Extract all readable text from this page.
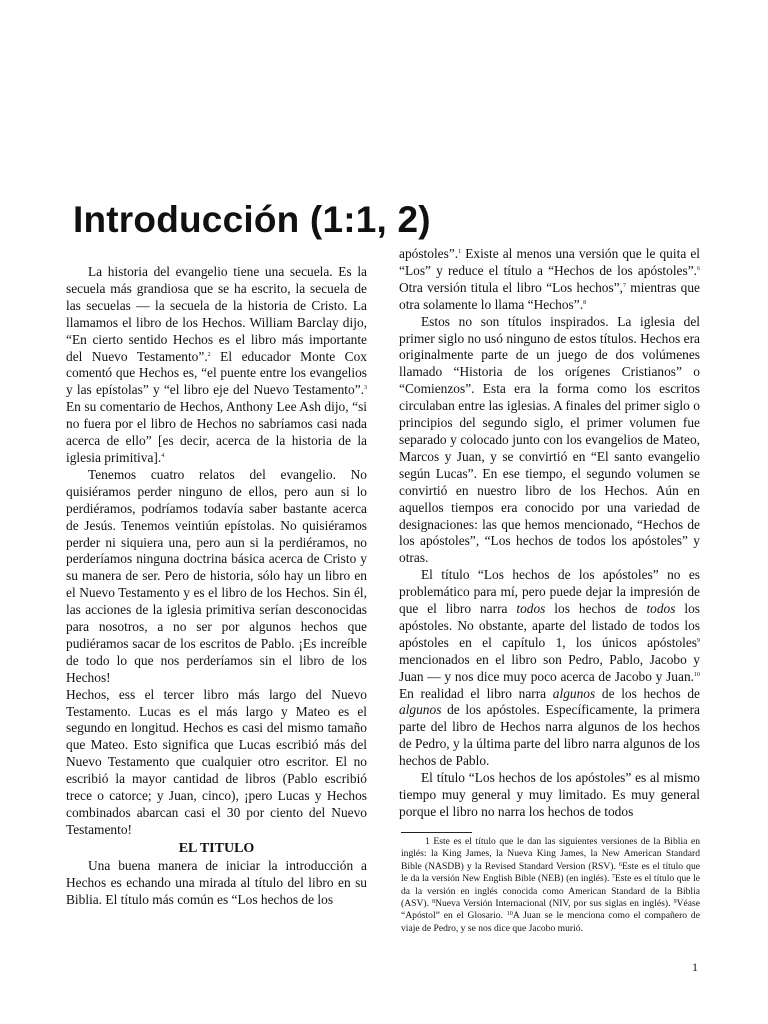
Introducción (1:1, 2)

La historia del evangelio tiene una secuela. Es la secuela más grandiosa que se ha escrito, la secuela de las secuelas — la secuela de la historia de Cristo. La llamamos el libro de los Hechos. William Barclay dijo, “En cierto sentido Hechos es el libro más importante del Nuevo Testamento”.$^2$ El educador Monte Cox comentó que Hechos es, “el puente entre los evangelios y las epístolas” y “el libro eje del Nuevo Testamento”.$^3$ En su comentario de Hechos, Anthony Lee Ash dijo, “si no fuera por el libro de Hechos no sabríamos casi nada acerca de ello” [es decir, acerca de la historia de la iglesia primitiva].$^4$

Tenemos cuatro relatos del evangelio. No quisiéramos perder ninguno de ellos, pero aun si lo perdiéramos, podríamos todavía saber bastante acerca de Jesús. Tenemos veintiún epístolas. No quisiéramos perder ni siquiera una, pero aun si la perdiéramos, no perderíamos ninguna doctrina básica acerca de Cristo y su manera de ser. Pero de historia, sólo hay un libro en el Nuevo Testamento y es el libro de los Hechos. Sin él, las acciones de la iglesia primitiva serían desconocidas para nosotros, a no ser por algunos hechos que pudiéramos sacar de los escritos de Pablo. ¡Es increíble de todo lo que nos perderíamos sin el libro de los Hechos!

Hechos, ess el tercer libro más largo del Nuevo Testamento. Lucas es el más largo y Mateo es el segundo en longitud. Hechos es casi del mismo tamaño que Mateo. Esto significa que Lucas escribió más del Nuevo Testamento que cualquier otro escritor. El no escribió la mayor cantidad de libros (Pablo escribió trece o catorce; y Juan, cinco), ¡pero Lucas y Hechos combinados abarcan casi el 30 por ciento del Nuevo Testamento!

EL TITULO

Una buena manera de iniciar la introducción a Hechos es echando una mirada al título del libro en su Biblia. El título más común es “Los hechos de los

apóstoles”.$^1$ Existe al menos una versión que le quita el “Los” y reduce el título a “Hechos de los apóstoles”.$^6$ Otra versión titula el libro “Los hechos”,$^7$ mientras que otra solamente lo llama “Hechos”.$^8$

Estos no son títulos inspirados. La iglesia del primer siglo no usó ninguno de estos títulos. Hechos era originalmente parte de un juego de dos volúmenes llamado “Historia de los orígenes Cristianos” o “Comienzos”. Esta era la forma como los escritos circulaban entre las iglesias. A finales del primer siglo o principios del segundo siglo, el primer volumen fue separado y colocado junto con los evangelios de Mateo, Marcos y Juan, y se convirtió en “El santo evangelio según Lucas”. En ese tiempo, el segundo volumen se convirtió en nuestro libro de los Hechos. Aún en aquellos tiempos era conocido por una variedad de designaciones: las que hemos mencionado, “Hechos de los apóstoles”, “Los hechos de todos los apóstoles” y otras.

El título “Los hechos de los apóstoles” no es problemático para mí, pero puede dejar la impresión de que el libro narra todos los hechos de todos los apóstoles. No obstante, aparte del listado de todos los apóstoles en el capítulo 1, los únicos apóstoles$^9$ mencionados en el libro son Pedro, Pablo, Jacobo y Juan — y nos dice muy poco acerca de Jacobo y Juan.$^{10}$ En realidad el libro narra algunos de los hechos de algunos de los apóstoles. Específicamente, la primera parte del libro de Hechos narra algunos de los hechos de Pedro, y la última parte del libro narra algunos de los hechos de Pablo.

El título “Los hechos de los apóstoles” es al mismo tiempo muy general y muy limitado. Es muy general porque el libro no narra los hechos de todos

1 Este es el título que le dan las siguientes versiones de la Biblia en inglés: la King James, la Nueva King James, la New American Standard Bible (NASDB) y la Revised Standard Version (RSV). $^6$Este es el título que le da la versión New English Bible (NEB) (en inglés). $^7$Este es el título que le da la versión en inglés conocida como American Standard de la Biblia (ASV). $^8$Nueva Versión Internacional (NIV, por sus siglas en inglés). $^9$Véase “Apóstol” en el Glosario. $^{10}$A Juan se le menciona como el compañero de viaje de Pedro, y se nos dice que Jacobo murió.

1
